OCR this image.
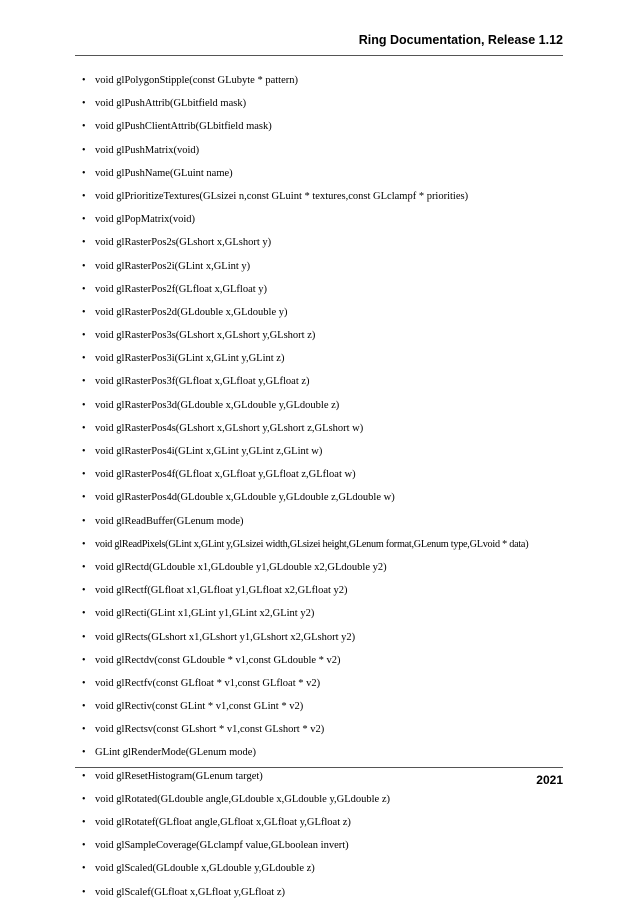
Ring Documentation, Release 1.12
• void glPolygonStipple(const GLubyte * pattern)
• void glPushAttrib(GLbitfield mask)
• void glPushClientAttrib(GLbitfield mask)
• void glPushMatrix(void)
• void glPushName(GLuint name)
• void glPrioritizeTextures(GLsizei n,const GLuint * textures,const GLclampf * priorities)
• void glPopMatrix(void)
• void glRasterPos2s(GLshort x,GLshort y)
• void glRasterPos2i(GLint x,GLint y)
• void glRasterPos2f(GLfloat x,GLfloat y)
• void glRasterPos2d(GLdouble x,GLdouble y)
• void glRasterPos3s(GLshort x,GLshort y,GLshort z)
• void glRasterPos3i(GLint x,GLint y,GLint z)
• void glRasterPos3f(GLfloat x,GLfloat y,GLfloat z)
• void glRasterPos3d(GLdouble x,GLdouble y,GLdouble z)
• void glRasterPos4s(GLshort x,GLshort y,GLshort z,GLshort w)
• void glRasterPos4i(GLint x,GLint y,GLint z,GLint w)
• void glRasterPos4f(GLfloat x,GLfloat y,GLfloat z,GLfloat w)
• void glRasterPos4d(GLdouble x,GLdouble y,GLdouble z,GLdouble w)
• void glReadBuffer(GLenum mode)
• void glReadPixels(GLint x,GLint y,GLsizei width,GLsizei height,GLenum format,GLenum type,GLvoid * data)
• void glRectd(GLdouble x1,GLdouble y1,GLdouble x2,GLdouble y2)
• void glRectf(GLfloat x1,GLfloat y1,GLfloat x2,GLfloat y2)
• void glRecti(GLint x1,GLint y1,GLint x2,GLint y2)
• void glRects(GLshort x1,GLshort y1,GLshort x2,GLshort y2)
• void glRectdv(const GLdouble * v1,const GLdouble * v2)
• void glRectfv(const GLfloat * v1,const GLfloat * v2)
• void glRectiv(const GLint * v1,const GLint * v2)
• void glRectsv(const GLshort * v1,const GLshort * v2)
• GLint glRenderMode(GLenum mode)
• void glResetHistogram(GLenum target)
• void glRotated(GLdouble angle,GLdouble x,GLdouble y,GLdouble z)
• void glRotatef(GLfloat angle,GLfloat x,GLfloat y,GLfloat z)
• void glSampleCoverage(GLclampf value,GLboolean invert)
• void glScaled(GLdouble x,GLdouble y,GLdouble z)
• void glScalef(GLfloat x,GLfloat y,GLfloat z)
2021
